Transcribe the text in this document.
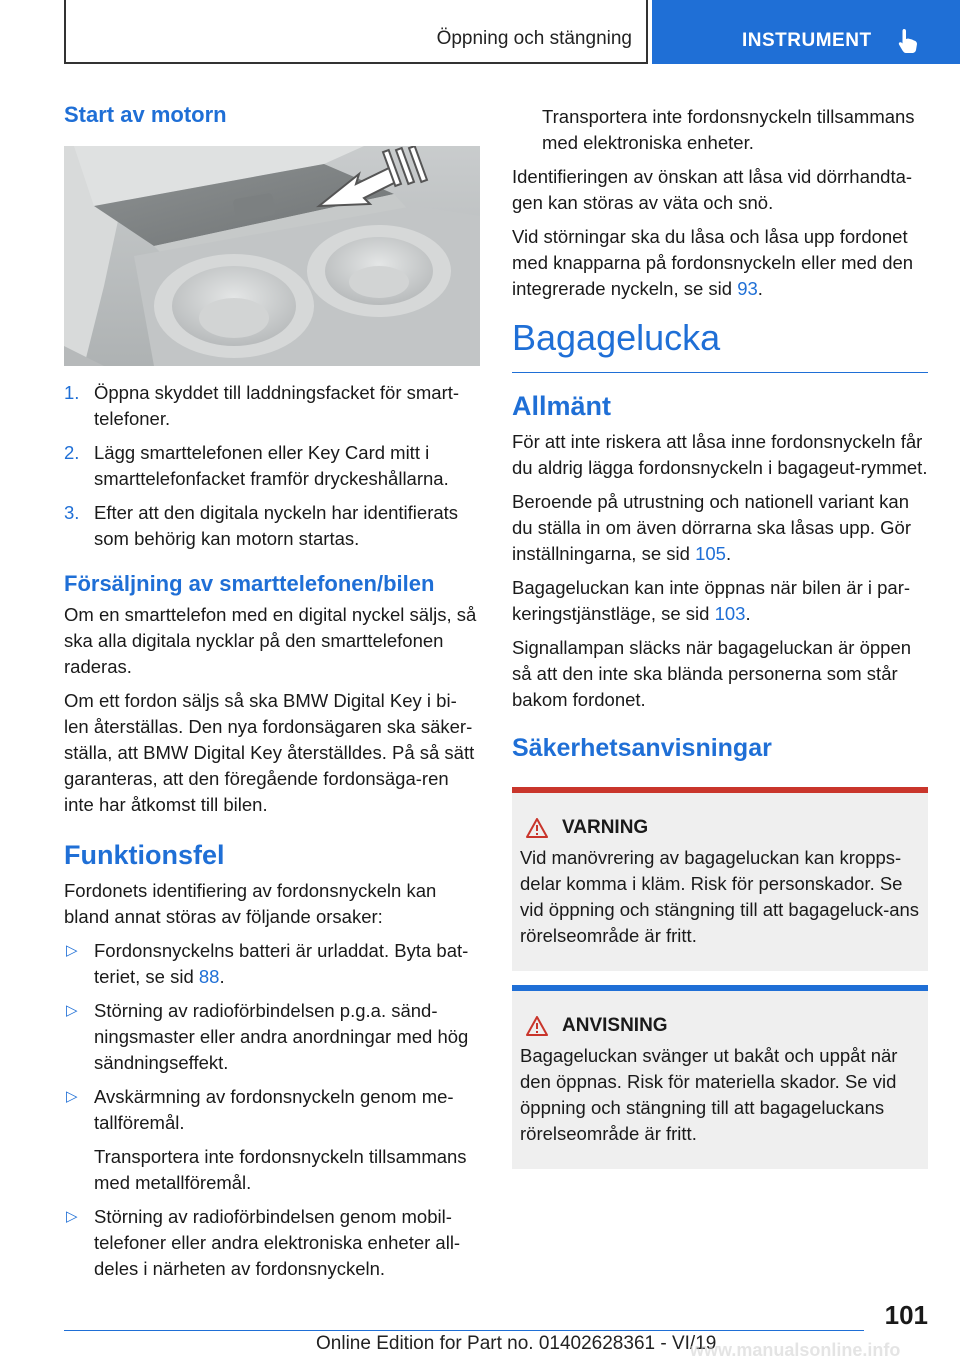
Öppning och stängning	INSTRUMENT
Start av motorn
1. Öppna skyddet till laddningsfacket för smart-telefoner.
2. Lägg smarttelefonen eller Key Card mitt i smarttelefonfacket framför dryckeshållarna.
3. Efter att den digitala nyckeln har identifierats som behörig kan motorn startas.
Försäljning av smarttelefonen/bilen

Om en smarttelefon med en digital nyckel säljs, så ska alla digitala nycklar på den smarttelefonen raderas.

Om ett fordon säljs så ska BMW Digital Key i bi-len återställas. Den nya fordonsägaren ska säker-ställa, att BMW Digital Key återställdes. På så sätt garanteras, att den föregående fordonsäga-ren inte har åtkomst till bilen.

Funktionsfel

Fordonets identifiering av fordonsnyckeln kan bland annat störas av följande orsaker:

▷ Fordonsnyckelns batteri är urladdat. Byta bat-teriet, se sid 88.
▷ Störning av radioförbindelsen p.g.a. sänd-ningsmaster eller andra anordningar med hög sändningseffekt.
▷ Avskärmning av fordonsnyckeln genom me-tallföremål.
Transportera inte fordonsnyckeln tillsammans med metallföremål.
▷ Störning av radioförbindelsen genom mobil-telefoner eller andra elektroniska enheter all-deles i närheten av fordonsnyckeln.
Transportera inte fordonsnyckeln tillsammans med elektroniska enheter.

Identifieringen av önskan att låsa vid dörrhandta-gen kan störas av väta och snö.

Vid störningar ska du låsa och låsa upp fordonet med knapparna på fordonsnyckeln eller med den integrerade nyckeln, se sid 93.

Bagagelucka
Allmänt

För att inte riskera att låsa inne fordonsnyckeln får du aldrig lägga fordonsnyckeln i bagageut-rymmet.

Beroende på utrustning och nationell variant kan du ställa in om även dörrarna ska låsas upp. Gör inställningarna, se sid 105.

Bagageluckan kan inte öppnas när bilen är i par-keringstjänstläge, se sid 103.

Signallampan släcks när bagageluckan är öppen så att den inte ska blända personerna som står bakom fordonet.

Säkerhetsanvisningar
VARNING
Vid manövrering av bagageluckan kan kropps-delar komma i kläm. Risk för personskador. Se vid öppning och stängning till att bagageluck-ans rörelseområde är fritt.
ANVISNING
Bagageluckan svänger ut bakåt och uppåt när den öppnas. Risk för materiella skador. Se vid öppning och stängning till att bagageluckans rörelseområde är fritt.
101
Online Edition for Part no. 01402628361 - VI/19
www.manualsonline.info
